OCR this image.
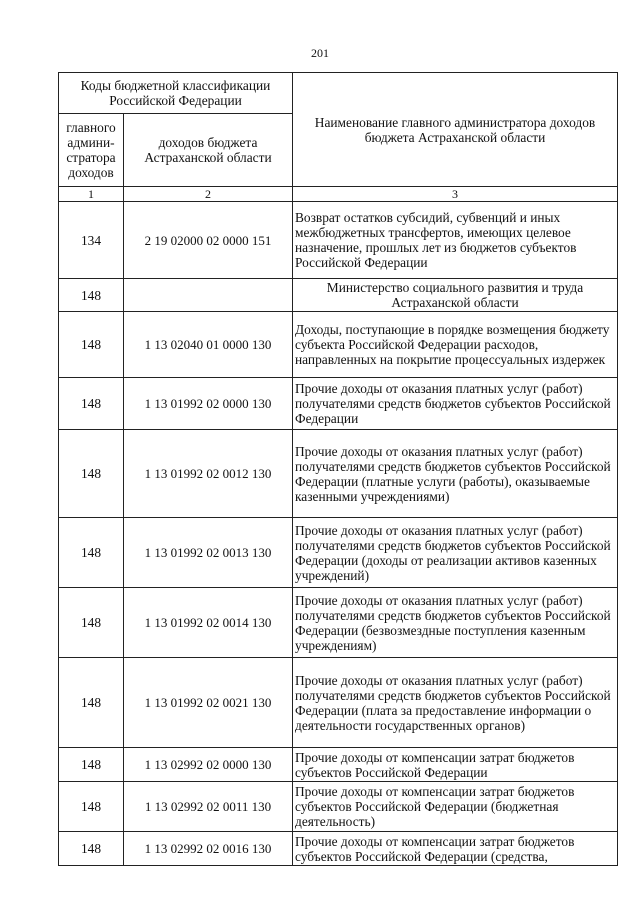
201
Коды бюджетной классификации Российской Федерации		Наименование главного администратора доходов бюджета Астраханской области
главного админи-стратора доходов	доходов бюджета Астраханской области	
1	2	3
134	2 19 02000 02 0000 151	Возврат остатков субсидий, субвенций и иных межбюджетных трансфертов, имеющих целевое назначение, прошлых лет из бюджетов субъектов Российской Федерации
148		Министерство социального развития и труда Астраханской области
148	1 13 02040 01 0000 130	Доходы, поступающие в порядке возмещения бюджету субъекта Российской Федерации расходов, направленных на покрытие процессуальных издержек
148	1 13 01992 02 0000 130	Прочие доходы от оказания платных услуг (работ) получателями средств бюджетов субъектов Российской Федерации
148	1 13 01992 02 0012 130	Прочие доходы от оказания платных услуг (работ) получателями средств бюджетов субъектов Российской Федерации (платные услуги (работы), оказываемые казенными учреждениями)
148	1 13 01992 02 0013 130	Прочие доходы от оказания платных услуг (работ) получателями средств бюджетов субъектов Российской Федерации (доходы от реализации активов казенных учреждений)
148	1 13 01992 02 0014 130	Прочие доходы от оказания платных услуг (работ) получателями средств бюджетов субъектов Российской Федерации (безвозмездные поступления казенным учреждениям)
148	1 13 01992 02 0021 130	Прочие доходы от оказания платных услуг (работ) получателями средств бюджетов субъектов Российской Федерации (плата за предоставление информации о деятельности государственных органов)
148	1 13 02992 02 0000 130	Прочие доходы от компенсации затрат бюджетов субъектов Российской Федерации
148	1 13 02992 02 0011 130	Прочие доходы от компенсации затрат бюджетов субъектов Российской Федерации (бюджетная деятельность)
148	1 13 02992 02 0016 130	Прочие доходы от компенсации затрат бюджетов субъектов Российской Федерации (средства,
